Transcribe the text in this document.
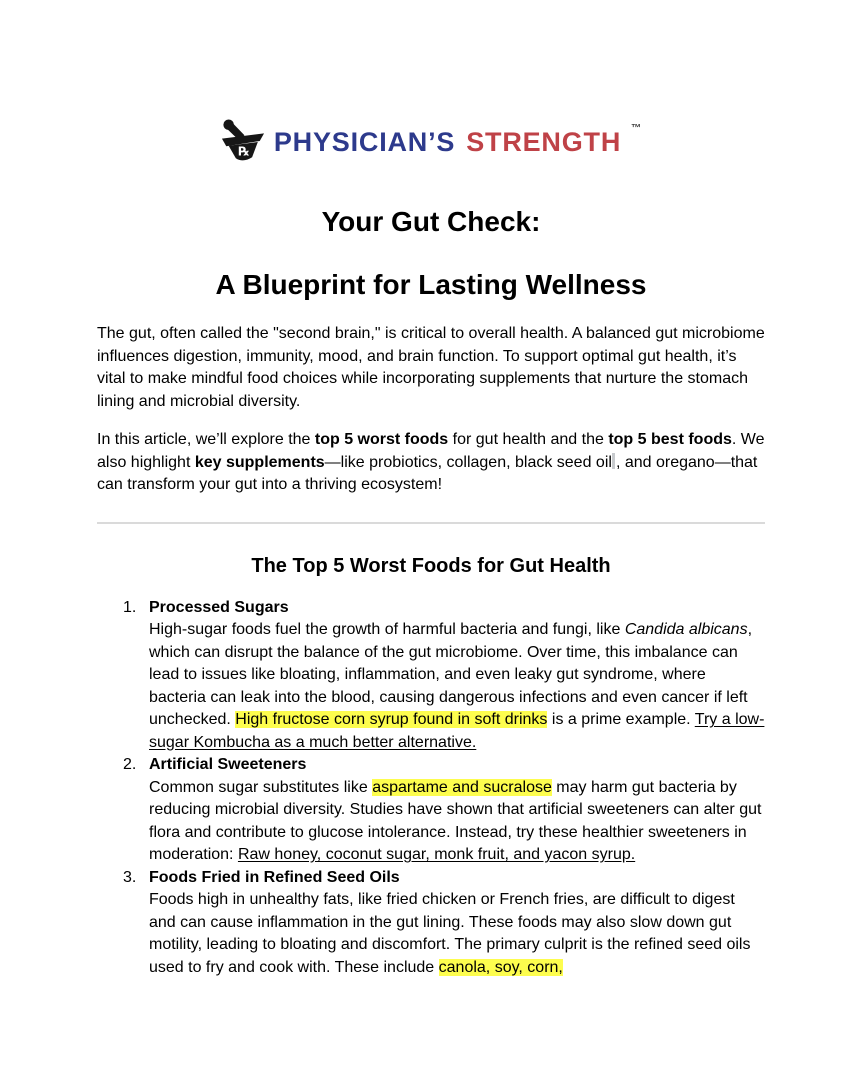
℞ PHYSICIAN’S STRENGTH ™
Your Gut Check:
A Blueprint for Lasting Wellness

The gut, often called the "second brain," is critical to overall health. A balanced gut microbiome influences digestion, immunity, mood, and brain function. To support optimal gut health, it’s vital to make mindful food choices while incorporating supplements that nurture the stomach lining and microbial diversity.

In this article, we’ll explore the top 5 worst foods for gut health and the top 5 best foods. We also highlight key supplements—like probiotics, collagen, black seed oil , and oregano—that can transform your gut into a thriving ecosystem!

The Top 5 Worst Foods for Gut Health
1. Processed Sugars
High-sugar foods fuel the growth of harmful bacteria and fungi, like Candida albicans, which can disrupt the balance of the gut microbiome. Over time, this imbalance can lead to issues like bloating, inflammation, and even leaky gut syndrome, where bacteria can leak into the blood, causing dangerous infections and even cancer if left unchecked. High fructose corn syrup found in soft drinks is a prime example. Try a low-sugar Kombucha as a much better alternative.
2. Artificial Sweeteners
Common sugar substitutes like aspartame and sucralose may harm gut bacteria by reducing microbial diversity. Studies have shown that artificial sweeteners can alter gut flora and contribute to glucose intolerance. Instead, try these healthier sweeteners in moderation: Raw honey, coconut sugar, monk fruit, and yacon syrup.
3. Foods Fried in Refined Seed Oils
Foods high in unhealthy fats, like fried chicken or French fries, are difficult to digest and can cause inflammation in the gut lining. These foods may also slow down gut motility, leading to bloating and discomfort. The primary culprit is the refined seed oils used to fry and cook with. These include canola, soy, corn,
